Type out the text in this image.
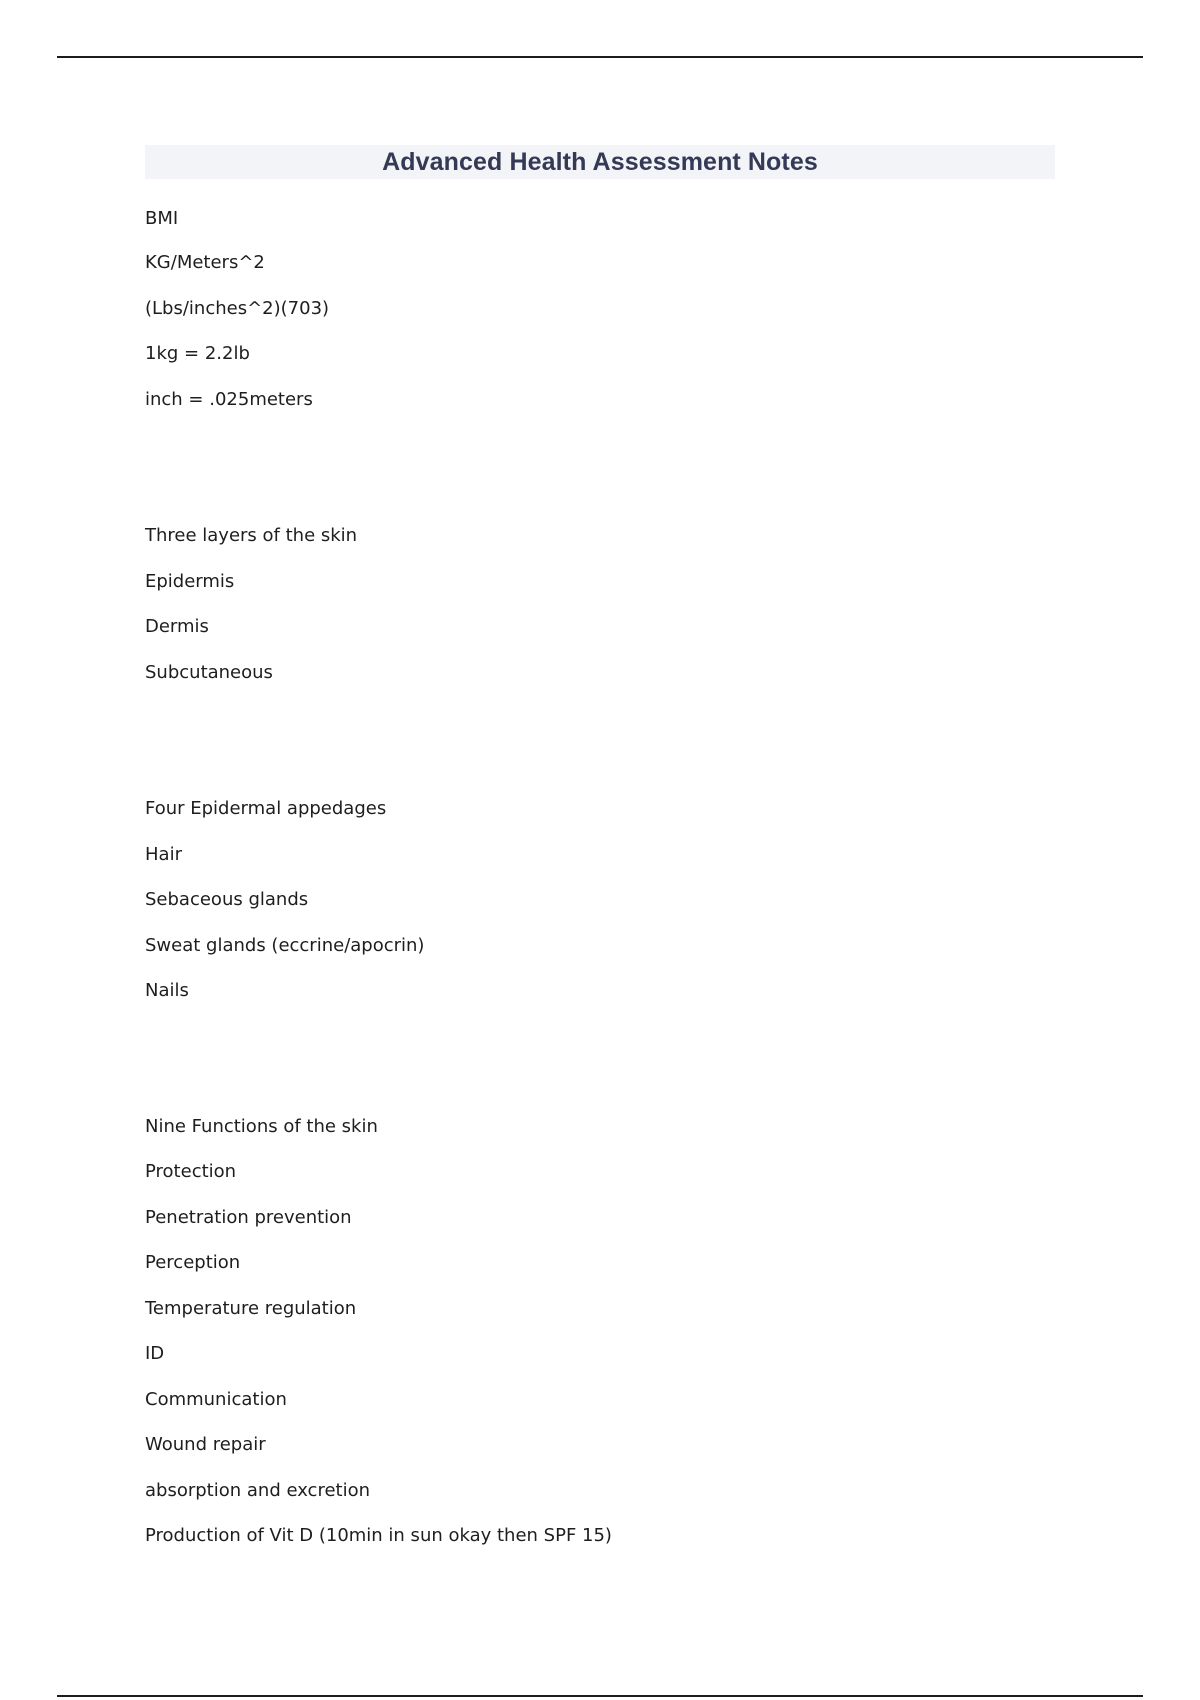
Advanced Health Assessment Notes
BMI
KG/Meters^2
(Lbs/inches^2)(703)
1kg = 2.2lb
inch = .025meters
Three layers of the skin
Epidermis
Dermis
Subcutaneous
Four Epidermal appedages
Hair
Sebaceous glands
Sweat glands (eccrine/apocrin)
Nails
Nine Functions of the skin
Protection
Penetration prevention
Perception
Temperature regulation
ID
Communication
Wound repair
absorption and excretion
Production of Vit D (10min in sun okay then SPF 15)
